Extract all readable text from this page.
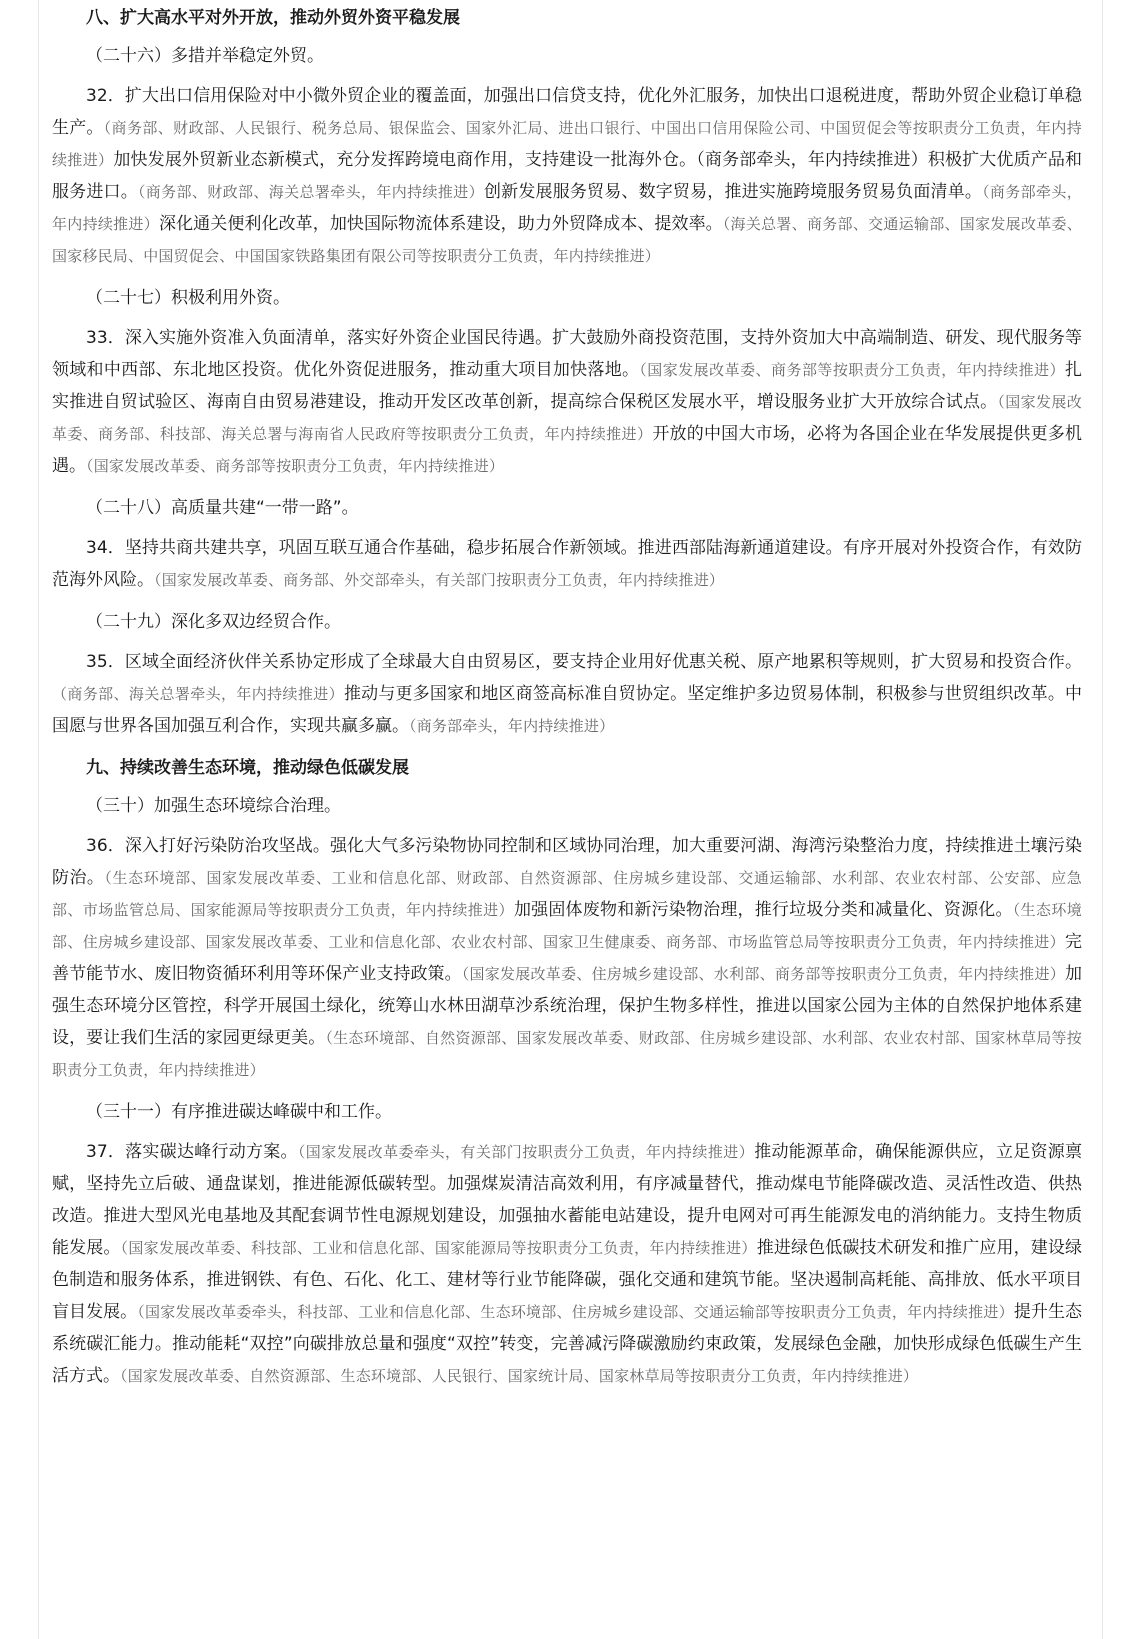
八、扩大高水平对外开放，推动外贸外资平稳发展
（二十六）多措并举稳定外贸。
32．扩大出口信用保险对中小微外贸企业的覆盖面，加强出口信贷支持，优化外汇服务，加快出口退税进度，帮助外贸企业稳订单稳生产。（商务部、财政部、人民银行、税务总局、银保监会、国家外汇局、进出口银行、中国出口信用保险公司、中国贸促会等按职责分工负责，年内持续推进）加快发展外贸新业态新模式，充分发挥跨境电商作用，支持建设一批海外仓。（商务部牵头，年内持续推进）积极扩大优质产品和服务进口。（商务部、财政部、海关总署牵头，年内持续推进）创新发展服务贸易、数字贸易，推进实施跨境服务贸易负面清单。（商务部牵头，年内持续推进）深化通关便利化改革，加快国际物流体系建设，助力外贸降成本、提效率。（海关总署、商务部、交通运输部、国家发展改革委、国家移民局、中国贸促会、中国国家铁路集团有限公司等按职责分工负责，年内持续推进）
（二十七）积极利用外资。
33．深入实施外资准入负面清单，落实好外资企业国民待遇。扩大鼓励外商投资范围，支持外资加大中高端制造、研发、现代服务等领域和中西部、东北地区投资。优化外资促进服务，推动重大项目加快落地。（国家发展改革委、商务部等按职责分工负责，年内持续推进）扎实推进自贸试验区、海南自由贸易港建设，推动开发区改革创新，提高综合保税区发展水平，增设服务业扩大开放综合试点。（国家发展改革委、商务部、科技部、海关总署与海南省人民政府等按职责分工负责，年内持续推进）开放的中国大市场，必将为各国企业在华发展提供更多机遇。（国家发展改革委、商务部等按职责分工负责，年内持续推进）
（二十八）高质量共建“一带一路”。
34．坚持共商共建共享，巩固互联互通合作基础，稳步拓展合作新领域。推进西部陆海新通道建设。有序开展对外投资合作，有效防范海外风险。（国家发展改革委、商务部、外交部牵头，有关部门按职责分工负责，年内持续推进）
（二十九）深化多双边经贸合作。
35．区域全面经济伙伴关系协定形成了全球最大自由贸易区，要支持企业用好优惠关税、原产地累积等规则，扩大贸易和投资合作。（商务部、海关总署牵头，年内持续推进）推动与更多国家和地区商签高标准自贸协定。坚定维护多边贸易体制，积极参与世贸组织改革。中国愿与世界各国加强互利合作，实现共赢多赢。（商务部牵头，年内持续推进）
九、持续改善生态环境，推动绿色低碳发展
（三十）加强生态环境综合治理。
36．深入打好污染防治攻坚战。强化大气多污染物协同控制和区域协同治理，加大重要河湖、海湾污染整治力度，持续推进土壤污染防治。（生态环境部、国家发展改革委、工业和信息化部、财政部、自然资源部、住房城乡建设部、交通运输部、水利部、农业农村部、公安部、应急部、市场监管总局、国家能源局等按职责分工负责，年内持续推进）加强固体废物和新污染物治理，推行垃圾分类和减量化、资源化。（生态环境部、住房城乡建设部、国家发展改革委、工业和信息化部、农业农村部、国家卫生健康委、商务部、市场监管总局等按职责分工负责，年内持续推进）完善节能节水、废旧物资循环利用等环保产业支持政策。（国家发展改革委、住房城乡建设部、水利部、商务部等按职责分工负责，年内持续推进）加强生态环境分区管控，科学开展国土绿化，统筹山水林田湖草沙系统治理，保护生物多样性，推进以国家公园为主体的自然保护地体系建设，要让我们生活的家园更绿更美。（生态环境部、自然资源部、国家发展改革委、财政部、住房城乡建设部、水利部、农业农村部、国家林草局等按职责分工负责，年内持续推进）
（三十一）有序推进碳达峰碳中和工作。
37．落实碳达峰行动方案。（国家发展改革委牵头，有关部门按职责分工负责，年内持续推进）推动能源革命，确保能源供应，立足资源禀赋，坚持先立后破、通盘谋划，推进能源低碳转型。加强煤炭清洁高效利用，有序减量替代，推动煤电节能降碳改造、灵活性改造、供热改造。推进大型风光电基地及其配套调节性电源规划建设，加强抽水蓄能电站建设，提升电网对可再生能源发电的消纳能力。支持生物质能发展。（国家发展改革委、科技部、工业和信息化部、国家能源局等按职责分工负责，年内持续推进）推进绿色低碳技术研发和推广应用，建设绿色制造和服务体系，推进钢铁、有色、石化、化工、建材等行业节能降碳，强化交通和建筑节能。坚决遏制高耗能、高排放、低水平项目盲目发展。（国家发展改革委牵头，科技部、工业和信息化部、生态环境部、住房城乡建设部、交通运输部等按职责分工负责，年内持续推进）提升生态系统碳汇能力。推动能耗“双控”向碳排放总量和强度“双控”转变，完善减污降碳激励约束政策，发展绿色金融，加快形成绿色低碳生产生活方式。（国家发展改革委、自然资源部、生态环境部、人民银行、国家统计局、国家林草局等按职责分工负责，年内持续推进）
